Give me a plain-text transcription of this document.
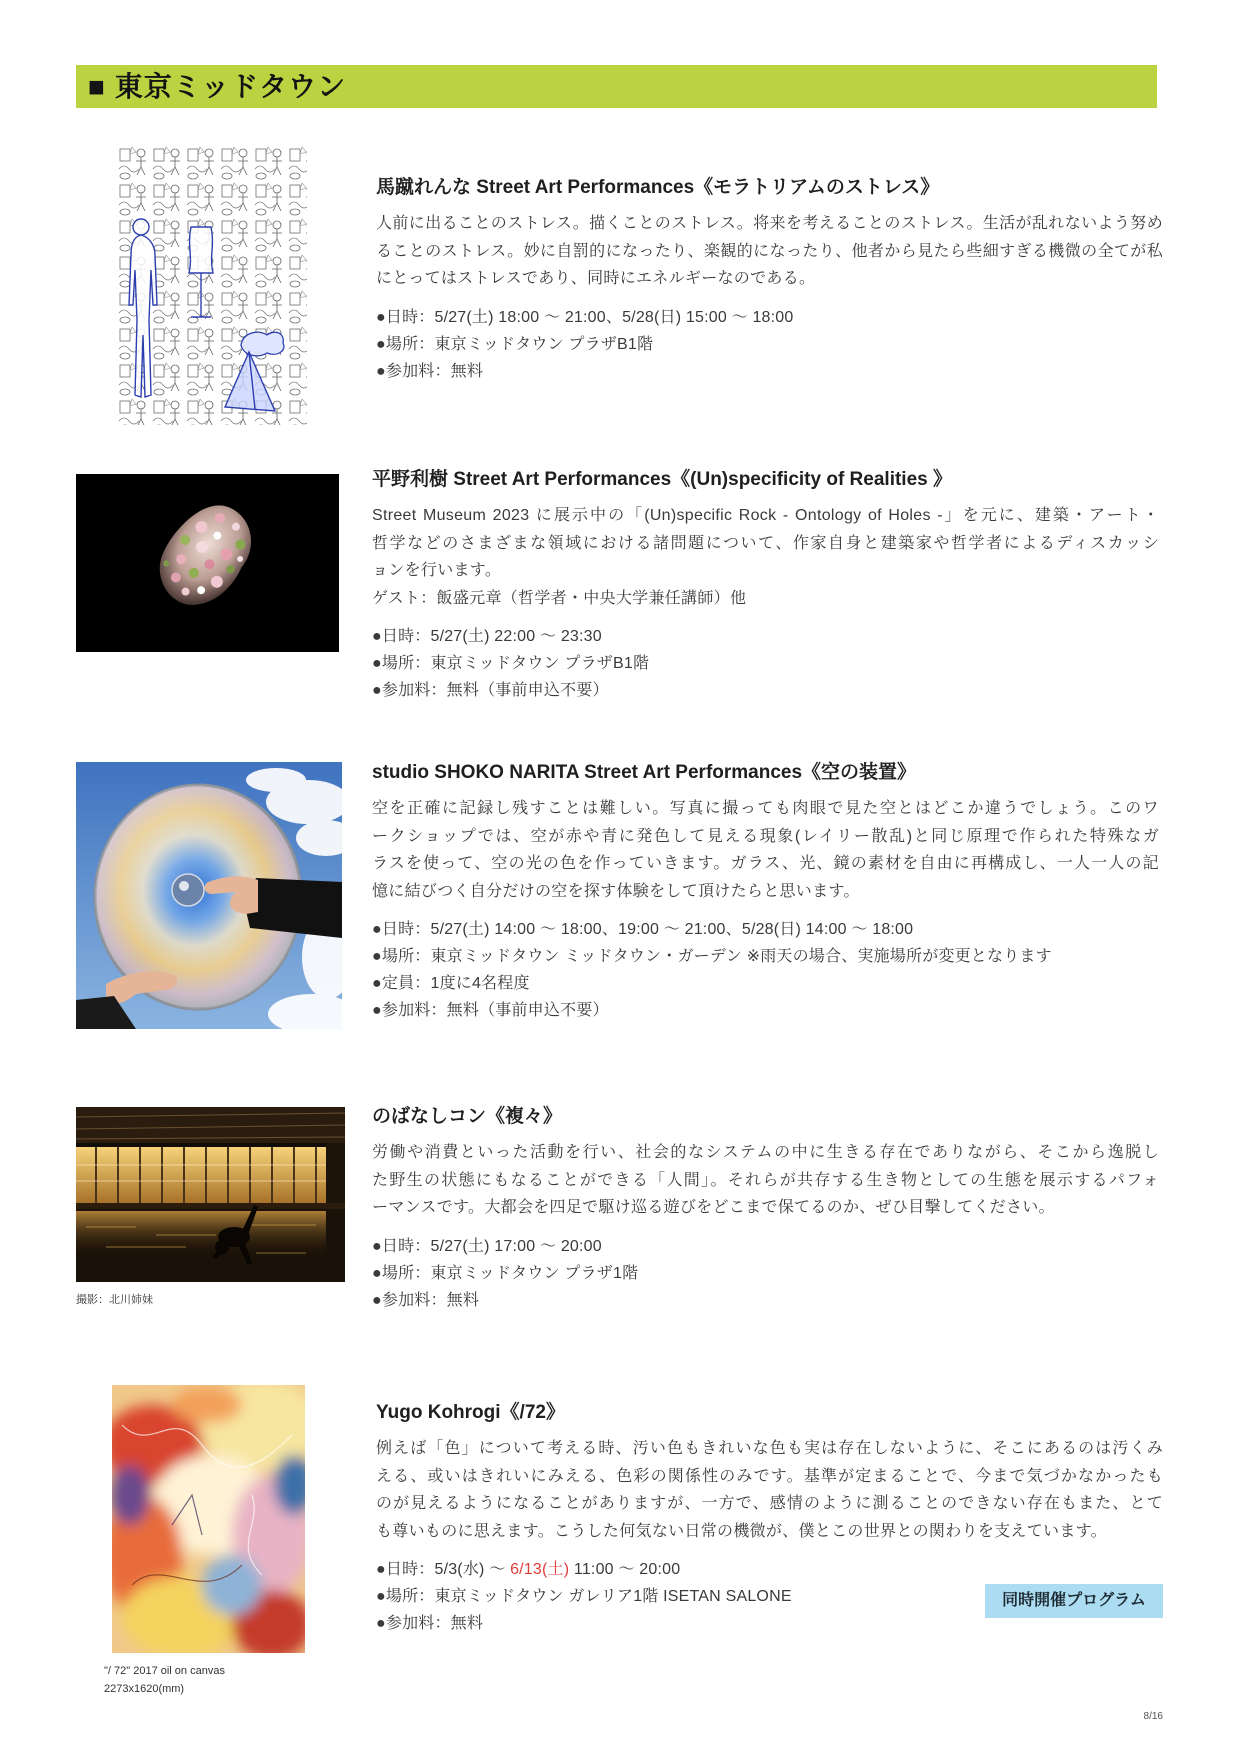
■ 東京ミッドタウン
馬蹴れんな Street Art Performances《モラトリアムのストレス》
人前に出ることのストレス。描くことのストレス。将来を考えることのストレス。生活が乱れないよう努め
ることのストレス。妙に自罰的になったり、楽観的になったり、他者から見たら些細すぎる機微の全てが私
にとってはストレスであり、同時にエネルギーなのである。
●日時：5/27(土) 18:00 ～ 21:00、5/28(日) 15:00 ～ 18:00
●場所：東京ミッドタウン プラザB1階
●参加料：無料
平野利樹 Street Art Performances《(Un)specificity of Realities 》
Street Museum 2023 に展示中の「(Un)specific Rock - Ontology of Holes -」を元に、建築・アート・
哲学などのさまざまな領域における諸問題について、作家自身と建築家や哲学者によるディスカッシ
ョンを行います。
ゲスト：飯盛元章（哲学者・中央大学兼任講師）他
●日時：5/27(土) 22:00 ～ 23:30
●場所：東京ミッドタウン プラザB1階
●参加料：無料（事前申込不要）
studio SHOKO NARITA Street Art Performances《空の装置》
空を正確に記録し残すことは難しい。写真に撮っても肉眼で見た空とはどこか違うでしょう。このワ
ークショップでは、空が赤や青に発色して見える現象(レイリー散乱)と同じ原理で作られた特殊なガ
ラスを使って、空の光の色を作っていきます。ガラス、光、鏡の素材を自由に再構成し、一人一人の記
憶に結びつく自分だけの空を探す体験をして頂けたらと思います。
●日時：5/27(土) 14:00 ～ 18:00、19:00 ～ 21:00、5/28(日) 14:00 ～ 18:00
●場所：東京ミッドタウン ミッドタウン・ガーデン ※雨天の場合、実施場所が変更となります
●定員：1度に4名程度
●参加料：無料（事前申込不要）
撮影：北川姉妹
のばなしコン《複々》
労働や消費といった活動を行い、社会的なシステムの中に生きる存在でありながら、そこから逸脱し
た野生の状態にもなることができる「人間」。それらが共存する生き物としての生態を展示するパフォ
ーマンスです。大都会を四足で駆け巡る遊びをどこまで保てるのか、ぜひ目撃してください。
●日時：5/27(土) 17:00 ～ 20:00
●場所：東京ミッドタウン プラザ1階
●参加料：無料
"/ 72" 2017 oil on canvas
2273x1620(mm)
Yugo Kohrogi《/72》
例えば「色」について考える時、汚い色もきれいな色も実は存在しないように、そこにあるのは汚くみ
える、或いはきれいにみえる、色彩の関係性のみです。基準が定まることで、今まで気づかなかったも
のが見えるようになることがありますが、一方で、感情のように測ることのできない存在もまた、とて
も尊いものに思えます。こうした何気ない日常の機微が、僕とこの世界との関わりを支えています。
●日時：5/3(水) ～ 6/13(土) 11:00 ～ 20:00
●場所：東京ミッドタウン ガレリア1階 ISETAN SALONE
●参加料：無料
同時開催プログラム
8/16
